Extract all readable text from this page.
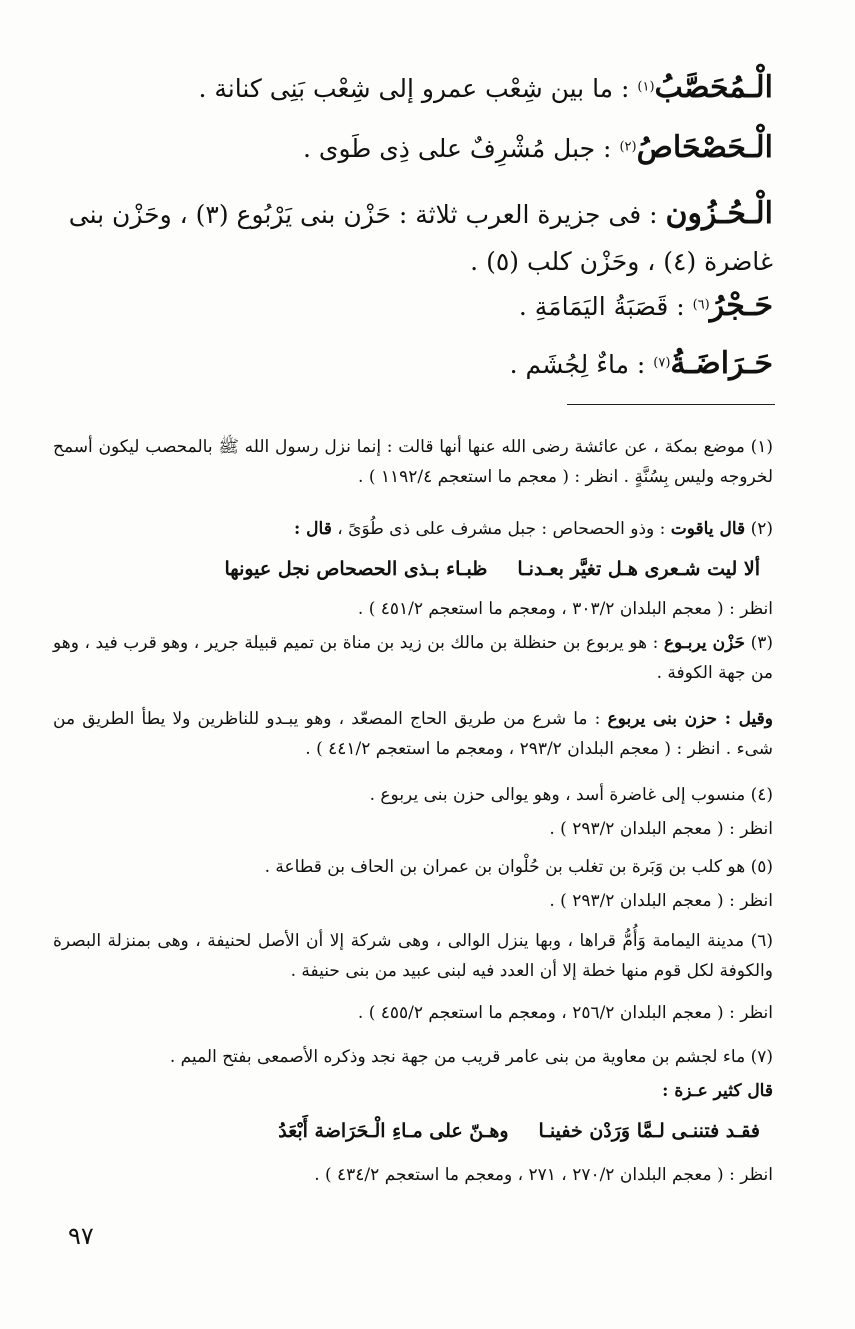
الْـمُحَصَّبُ$^{(١)}$ : ما بين شِعْب عمرو إلى شِعْب بَنِى كنانة .
الْـحَصْحَاصُ$^{(٢)}$ : جبل مُشْرِفٌ على ذِى طَوى .
الْـحُـزُون : فى جزيرة العرب ثلاثة : حَزْن بنى يَرْبُوع (٣) ، وحَزْن بنى غاضرة (٤) ، وحَزْن كلب (٥) .
حَـجْرُ$^{(٦)}$ : قَصَبَةُ اليَمَامَةِ .
حَـرَاضَـةُ$^{(٧)}$ : ماءٌ لِجُشَم .
(١) موضع بمكة ، عن عائشة رضى الله عنها أنها قالت : إنما نزل رسول الله ﷺ بالمحصب ليكون أسمح لخروجه وليس بِسُنَّةٍ . انظر : ( معجم ما استعجم ١١٩٢/٤ ) .
(٢) قال ياقوت : وذو الحصحاص : جبل مشرف على ذى طُوَىً ، قال :
ألا ليت شـعرى هـل تغيَّر بعـدنـاظبـاء بـذى الحصحاص نجل عيونها
انظر : ( معجم البلدان ٣٠٣/٢ ، ومعجم ما استعجم ٤٥١/٢ ) .
(٣) حَزْن يربـوع : هو يربوع بن حنظلة بن مالك بن زيد بن مناة بن تميم قبيلة جرير ، وهو قرب فيد ، وهو من جهة الكوفة .
وقيل : حزن بنى يربوع : ما شرع من طريق الحاج المصعّد ، وهو يبـدو للناظرين ولا يطأ الطريق من شىء . انظر : ( معجم البلدان ٢٩٣/٢ ، ومعجم ما استعجم ٤٤١/٢ ) .
(٤) منسوب إلى غاضرة أسد ، وهو يوالى حزن بنى يربوع .
انظر : ( معجم البلدان ٢٩٣/٢ ) .
(٥) هو كلب بن وَبَرة بن تغلب بن حُلْوان بن عمران بن الحاف بن قطاعة .
انظر : ( معجم البلدان ٢٩٣/٢ ) .
(٦) مدينة اليمامة وَأُمُّ قراها ، وبها ينزل الوالى ، وهى شركة إلا أن الأصل لحنيفة ، وهى بمنزلة البصرة والكوفة لكل قوم منها خطة إلا أن العدد فيه لبنى عبيد من بنى حنيفة .
انظر : ( معجم البلدان ٢٥٦/٢ ، ومعجم ما استعجم ٤٥٥/٢ ) .
(٧) ماء لجشم بن معاوية من بنى عامر قريب من جهة نجد وذكره الأصمعى بفتح الميم .
قال كثير عـزة :
فقـد فتننـى لـمَّا وَرَدْن خفينـاوهـنّ على مـاءِ الْـحَرَاضة أَبْعَدُ
انظر : ( معجم البلدان ٢٧٠/٢ ، ٢٧١ ، ومعجم ما استعجم ٤٣٤/٢ ) .
٩٧
